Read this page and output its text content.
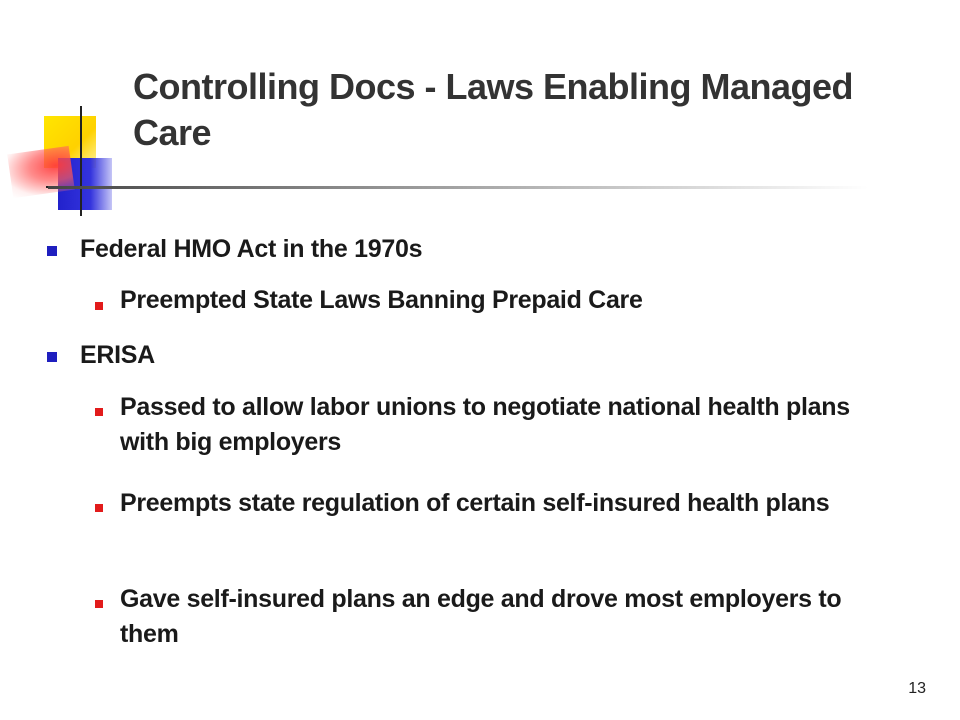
Controlling Docs - Laws Enabling Managed Care
Federal HMO Act in the 1970s
Preempted State Laws Banning Prepaid Care
ERISA
Passed to allow labor unions to negotiate national health plans with big employers
Preempts state regulation of certain self-insured health plans
Gave self-insured plans an edge and drove most employers to them
13
